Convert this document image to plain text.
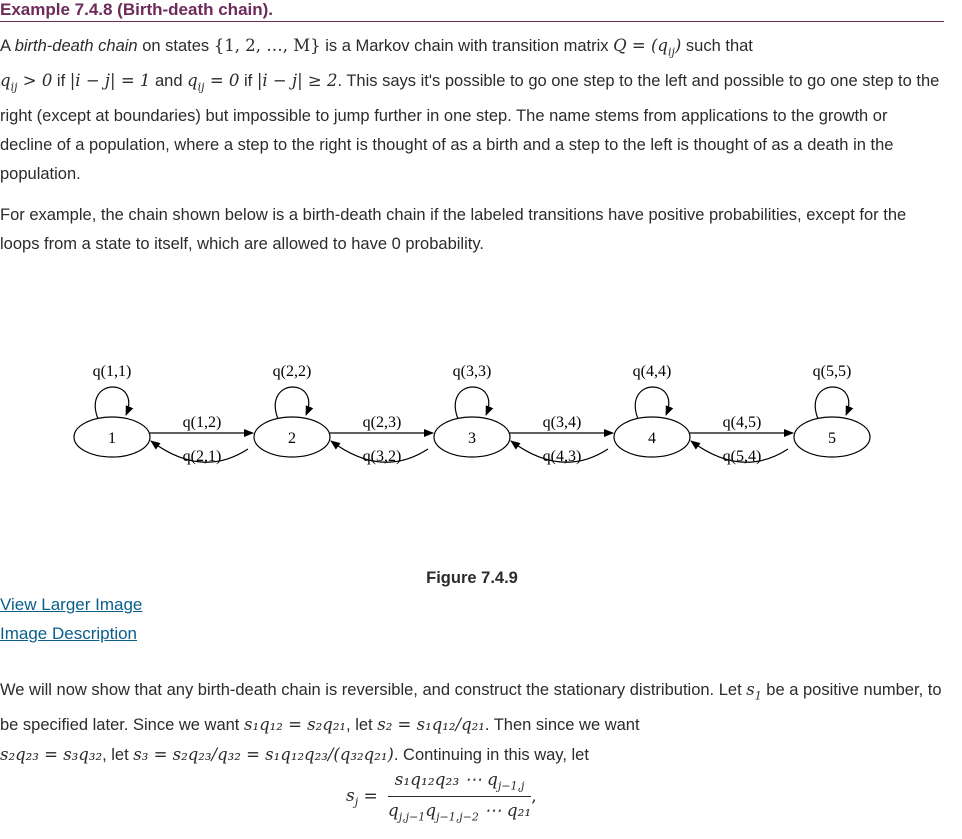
Example 7.4.8 (Birth-death chain).

A birth-death chain on states {1, 2, …, M} is a Markov chain with transition matrix $Q = (q_{ij})$ such that
$q_{ij} > 0$ if |i − j| = 1 and $q_{ij} = 0$ if |i − j| ≥ 2. This says it's possible to go one step to the left and possible to go one step to the right (except at boundaries) but impossible to jump further in one step. The name stems from applications to the growth or decline of a population, where a step to the right is thought of as a birth and a step to the left is thought of as a death in the population.

For example, the chain shown below is a birth-death chain if the labeled transitions have positive probabilities, except for the loops from a state to itself, which are allowed to have 0 probability.

1
q(1,1)
2
q(2,2)
3
q(3,3)
4
q(4,4)
5
q(5,5)
q(1,2)
q(2,1)
q(2,3)
q(3,2)
q(3,4)
q(4,3)
q(4,5)
q(5,4)
Figure 7.4.9
View Larger Image
Image Description

We will now show that any birth-death chain is reversible, and construct the stationary distribution. Let $s_1$ be a positive number, to be specified later. Since we want s₁q₁₂ = s₂q₂₁, let s₂ = s₁q₁₂/q₂₁. Then since we want
s₂q₂₃ = s₃q₃₂, let s₃ = s₂q₂₃/q₃₂ = s₁q₁₂q₂₃/(q₃₂q₂₁). Continuing in this way, let

$s_j = \frac{s_1q_{12}q_{23} \cdots q_{j-1,j}}{q_{j,j-1}q_{j-1,j-2} \cdots q_{21}}$ ,
